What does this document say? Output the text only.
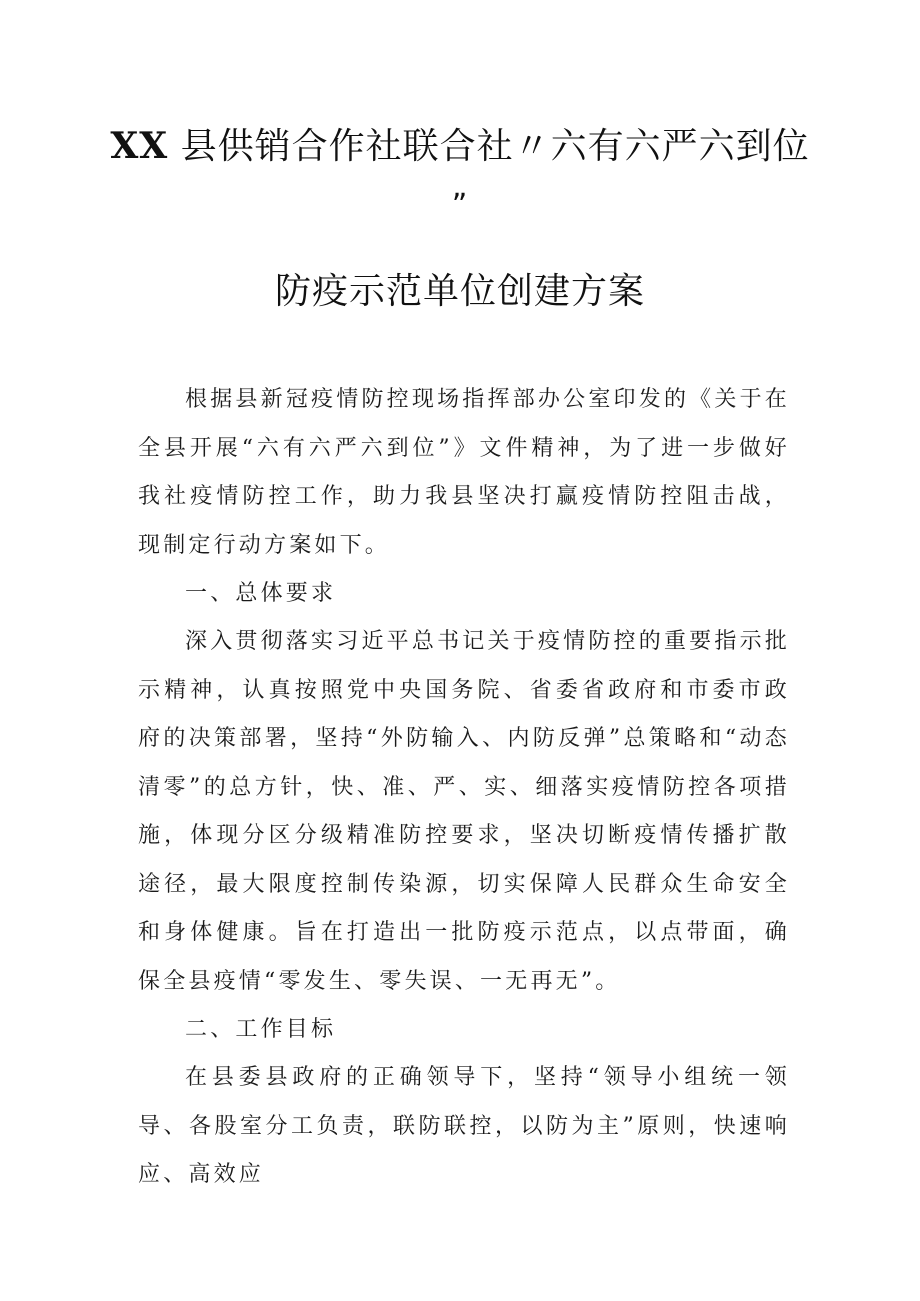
XX 县供销合作社联合社〃六有六严六到位
”
防疫示范单位创建方案

根据县新冠疫情防控现场指挥部办公室印发的《关于在全县开展“六有六严六到位”》文件精神，为了进一步做好我社疫情防控工作，助力我县坚决打赢疫情防控阻击战，现制定行动方案如下。

一、总体要求

深入贯彻落实习近平总书记关于疫情防控的重要指示批示精神，认真按照党中央国务院、省委省政府和市委市政府的决策部署，坚持“外防输入、内防反弹”总策略和“动态清零”的总方针，快、准、严、实、细落实疫情防控各项措施，体现分区分级精准防控要求，坚决切断疫情传播扩散途径，最大限度控制传染源，切实保障人民群众生命安全和身体健康。旨在打造出一批防疫示范点，以点带面，确保全县疫情“零发生、零失误、一无再无”。

二、工作目标

在县委县政府的正确领导下，坚持“领导小组统一领导、各股室分工负责，联防联控，以防为主”原则，快速响应、高效应
